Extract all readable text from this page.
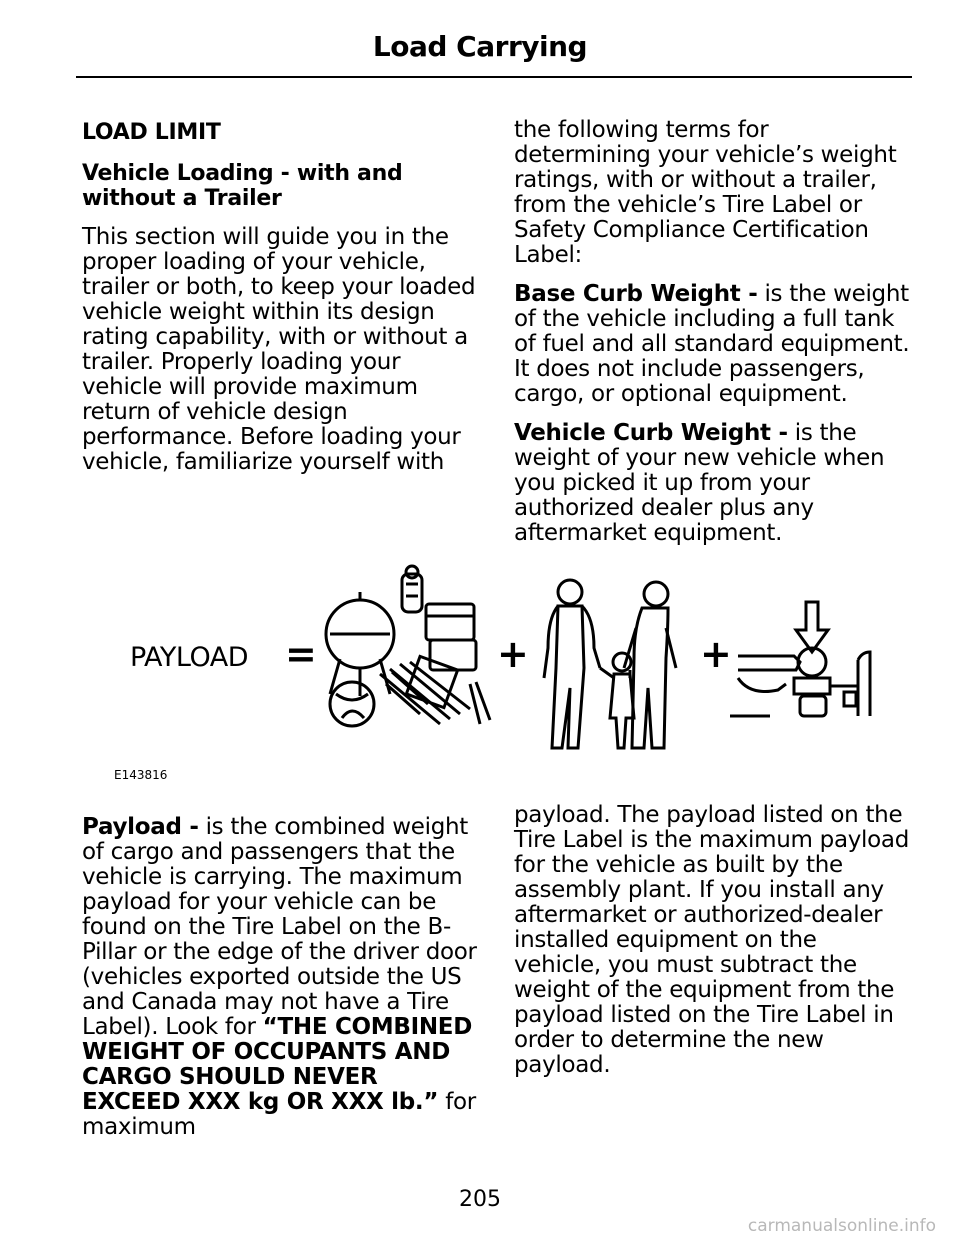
Load Carrying

LOAD LIMIT

Vehicle Loading - with and without a Trailer

This section will guide you in the proper loading of your vehicle, trailer or both, to keep your loaded vehicle weight within its design rating capability, with or without a trailer. Properly loading your vehicle will provide maximum return of vehicle design performance. Before loading your vehicle, familiarize yourself with

the following terms for determining your vehicle’s weight ratings, with or without a trailer, from the vehicle’s Tire Label or Safety Compliance Certification Label:

Base Curb Weight - is the weight of the vehicle including a full tank of fuel and all standard equipment. It does not include passengers, cargo, or optional equipment.

Vehicle Curb Weight - is the weight of your new vehicle when you picked it up from your authorized dealer plus any aftermarket equipment.

PAYLOAD =	+	+
E143816

Payload - is the combined weight of cargo and passengers that the vehicle is carrying. The maximum payload for your vehicle can be found on the Tire Label on the B-Pillar or the edge of the driver door (vehicles exported outside the US and Canada may not have a Tire Label). Look for “THE COMBINED WEIGHT OF OCCUPANTS AND CARGO SHOULD NEVER EXCEED XXX kg OR XXX lb.” for maximum

payload. The payload listed on the Tire Label is the maximum payload for the vehicle as built by the assembly plant. If you install any aftermarket or authorized-dealer installed equipment on the vehicle, you must subtract the weight of the equipment from the payload listed on the Tire Label in order to determine the new payload.

205
carmanualsonline.info
